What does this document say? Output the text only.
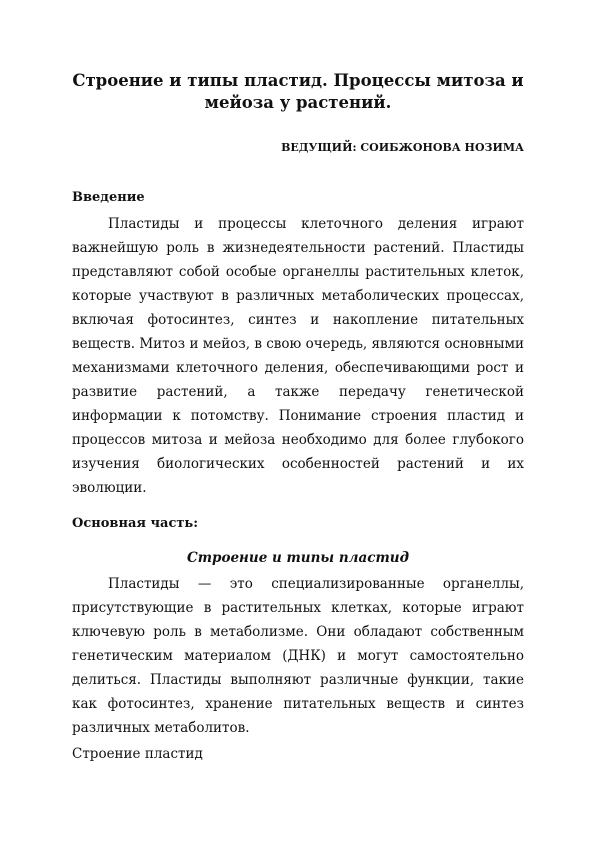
Строение и типы пластид. Процессы митоза и мейоза у растений.
ВЕДУЩИЙ: СОИБЖОНОВА НОЗИМА
Введение

Пластиды и процессы клеточного деления играют важнейшую роль в жизнедеятельности растений. Пластиды представляют собой особые органеллы растительных клеток, которые участвуют в различных метаболических процессах, включая фотосинтез, синтез и накопление питательных веществ. Митоз и мейоз, в свою очередь, являются основными механизмами клеточного деления, обеспечивающими рост и развитие растений, а также передачу генетической информации к потомству. Понимание строения пластид и процессов митоза и мейоза необходимо для более глубокого изучения биологических особенностей растений и их эволюции.

Основная часть:
Строение и типы пластид

Пластиды — это специализированные органеллы, присутствующие в растительных клетках, которые играют ключевую роль в метаболизме. Они обладают собственным генетическим материалом (ДНК) и могут самостоятельно делиться. Пластиды выполняют различные функции, такие как фотосинтез, хранение питательных веществ и синтез различных метаболитов.

Строение пластид
